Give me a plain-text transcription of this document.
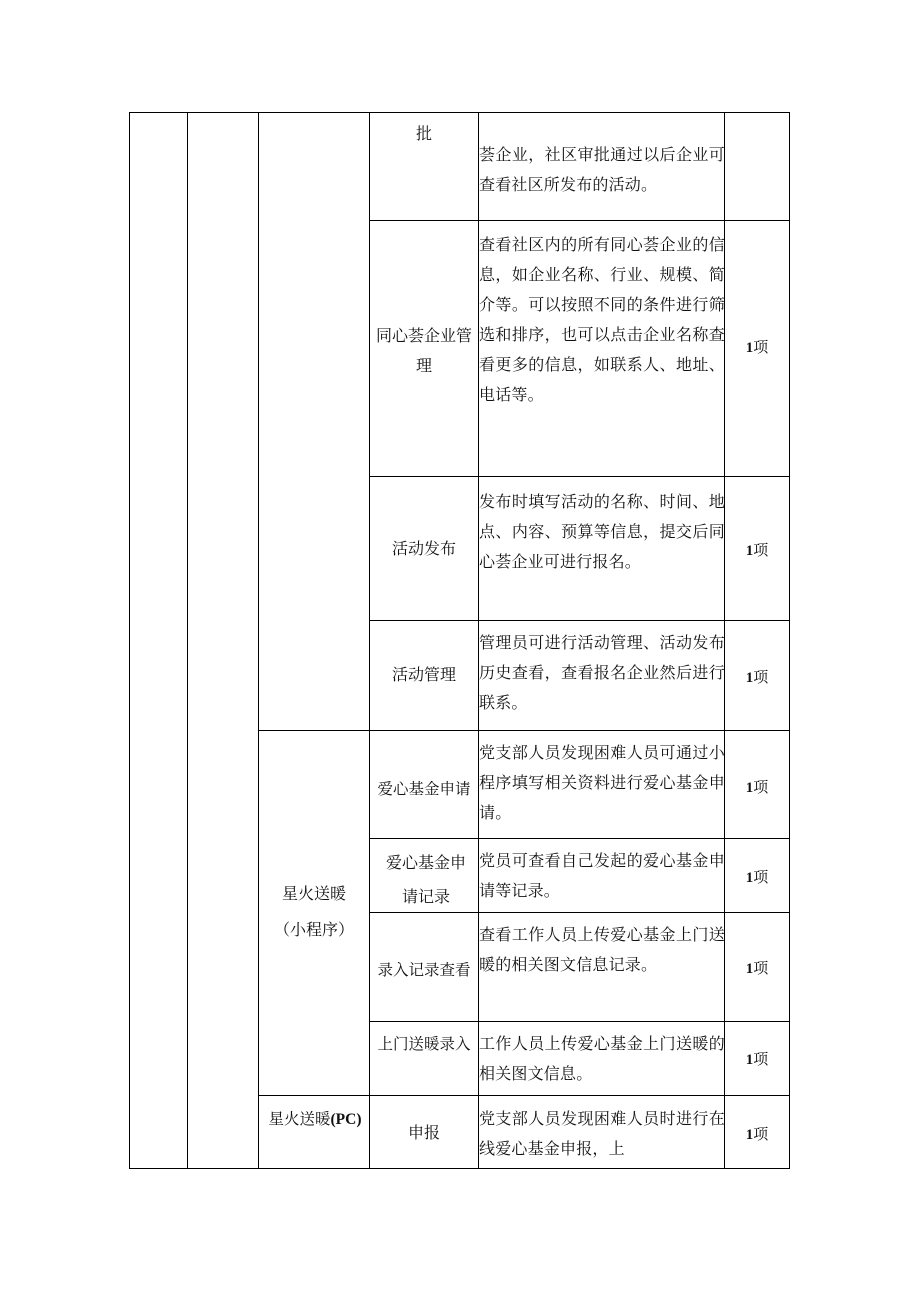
批
荟企业，社区审批通过以后企业可查看社区所发布的活动。
同心荟企业管理
查看社区内的所有同心荟企业的信息，如企业名称、行业、规模、简介等。可以按照不同的条件进行筛选和排序，也可以点击企业名称查看更多的信息，如联系人、地址、电话等。
1项
活动发布
发布时填写活动的名称、时间、地点、内容、预算等信息，提交后同心荟企业可进行报名。
1项
活动管理
管理员可进行活动管理、活动发布历史查看，查看报名企业然后进行联系。
1项
星火送暖
（小程序）
爱心基金申请
党支部人员发现困难人员可通过小程序填写相关资料进行爱心基金申请。
1项
爱心基金申请记录
党员可查看自己发起的爱心基金申请等记录。
1项
录入记录查看
查看工作人员上传爱心基金上门送暖的相关图文信息记录。	1项
上门送暖录入 工作人员上传爱心基金上门送暖的相关图文信息。
1项
星火送暖(PC)
申报
党支部人员发现困难人员时进行在线爱心基金申报，上
1项
